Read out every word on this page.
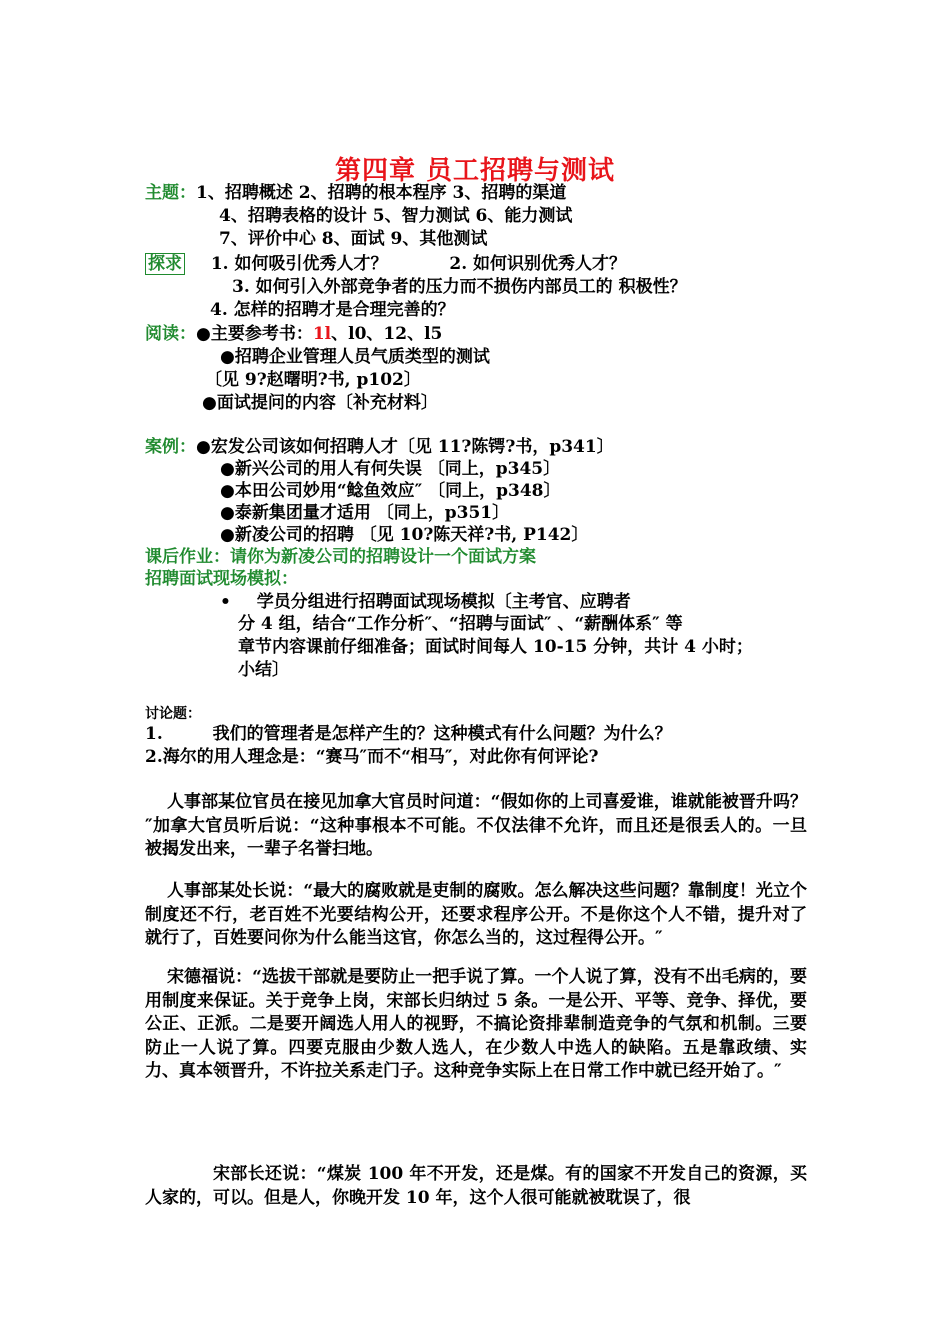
第四章 员工招聘与测试
主题：1、招聘概述 2、招聘的根本程序 3、招聘的渠道
4、招聘表格的设计 5、智力测试 6、能力测试
7、评价中心 8、面试 9、其他测试
探求 1. 如何吸引优秀人才？	2. 如何识别优秀人才？
3. 如何引入外部竞争者的压力而不损伤内部员工的 积极性？
4. 怎样的招聘才是合理完善的？
阅读：●主要参考书：1l、l0、12、l5
●招聘企业管理人员气质类型的测试
〔见 9?赵曙明?书, p102〕
●面试提问的内容〔补充材料〕
案例：●宏发公司该如何招聘人才〔见 11?陈锷?书，p341〕
●新兴公司的用人有何失误 〔同上，p345〕
●本田公司妙用“鲶鱼效应″ 〔同上，p348〕
●泰新集团量才适用 〔同上，p351〕
●新凌公司的招聘 〔见 10?陈天祥?书, P142〕
课后作业：请你为新凌公司的招聘设计一个面试方案
招聘面试现场模拟：
• 学员分组进行招聘面试现场模拟〔主考官、应聘者
分 4 组，结合“工作分析″、“招聘与面试″ 、“薪酬体系″ 等
章节内容课前仔细准备；面试时间每人 10-15 分钟，共计 4 小时；
小结〕
讨论题：
1.	我们的管理者是怎样产生的？这种模式有什么问题？为什么？
2.海尔的用人理念是：“赛马″而不“相马″，对此你有何评论?
人事部某位官员在接见加拿大官员时问道：“假如你的上司喜爱谁，谁就能被晋升吗？″加拿大官员听后说：“这种事根本不可能。不仅法律不允许，而且还是很丢人的。一旦被揭发出来，一辈子名誉扫地。
人事部某处长说：“最大的腐败就是吏制的腐败。怎么解决这些问题？靠制度！光立个制度还不行，老百姓不光要结构公开，还要求程序公开。不是你这个人不错，提升对了就行了，百姓要问你为什么能当这官，你怎么当的，这过程得公开。″
宋德福说：“选拔干部就是要防止一把手说了算。一个人说了算，没有不出毛病的，要用制度来保证。关于竞争上岗，宋部长归纳过 5 条。一是公开、平等、竞争、择优，要公正、正派。二是要开阔选人用人的视野，不搞论资排辈制造竞争的气氛和机制。三要防止一人说了算。四要克服由少数人选人，在少数人中选人的缺陷。五是靠政绩、实力、真本领晋升，不许拉关系走门子。这种竞争实际上在日常工作中就已经开始了。″
宋部长还说：“煤炭 100 年不开发，还是煤。有的国家不开发自己的资源，买人家的，可以。但是人，你晚开发 10 年，这个人很可能就被耽误了，很
